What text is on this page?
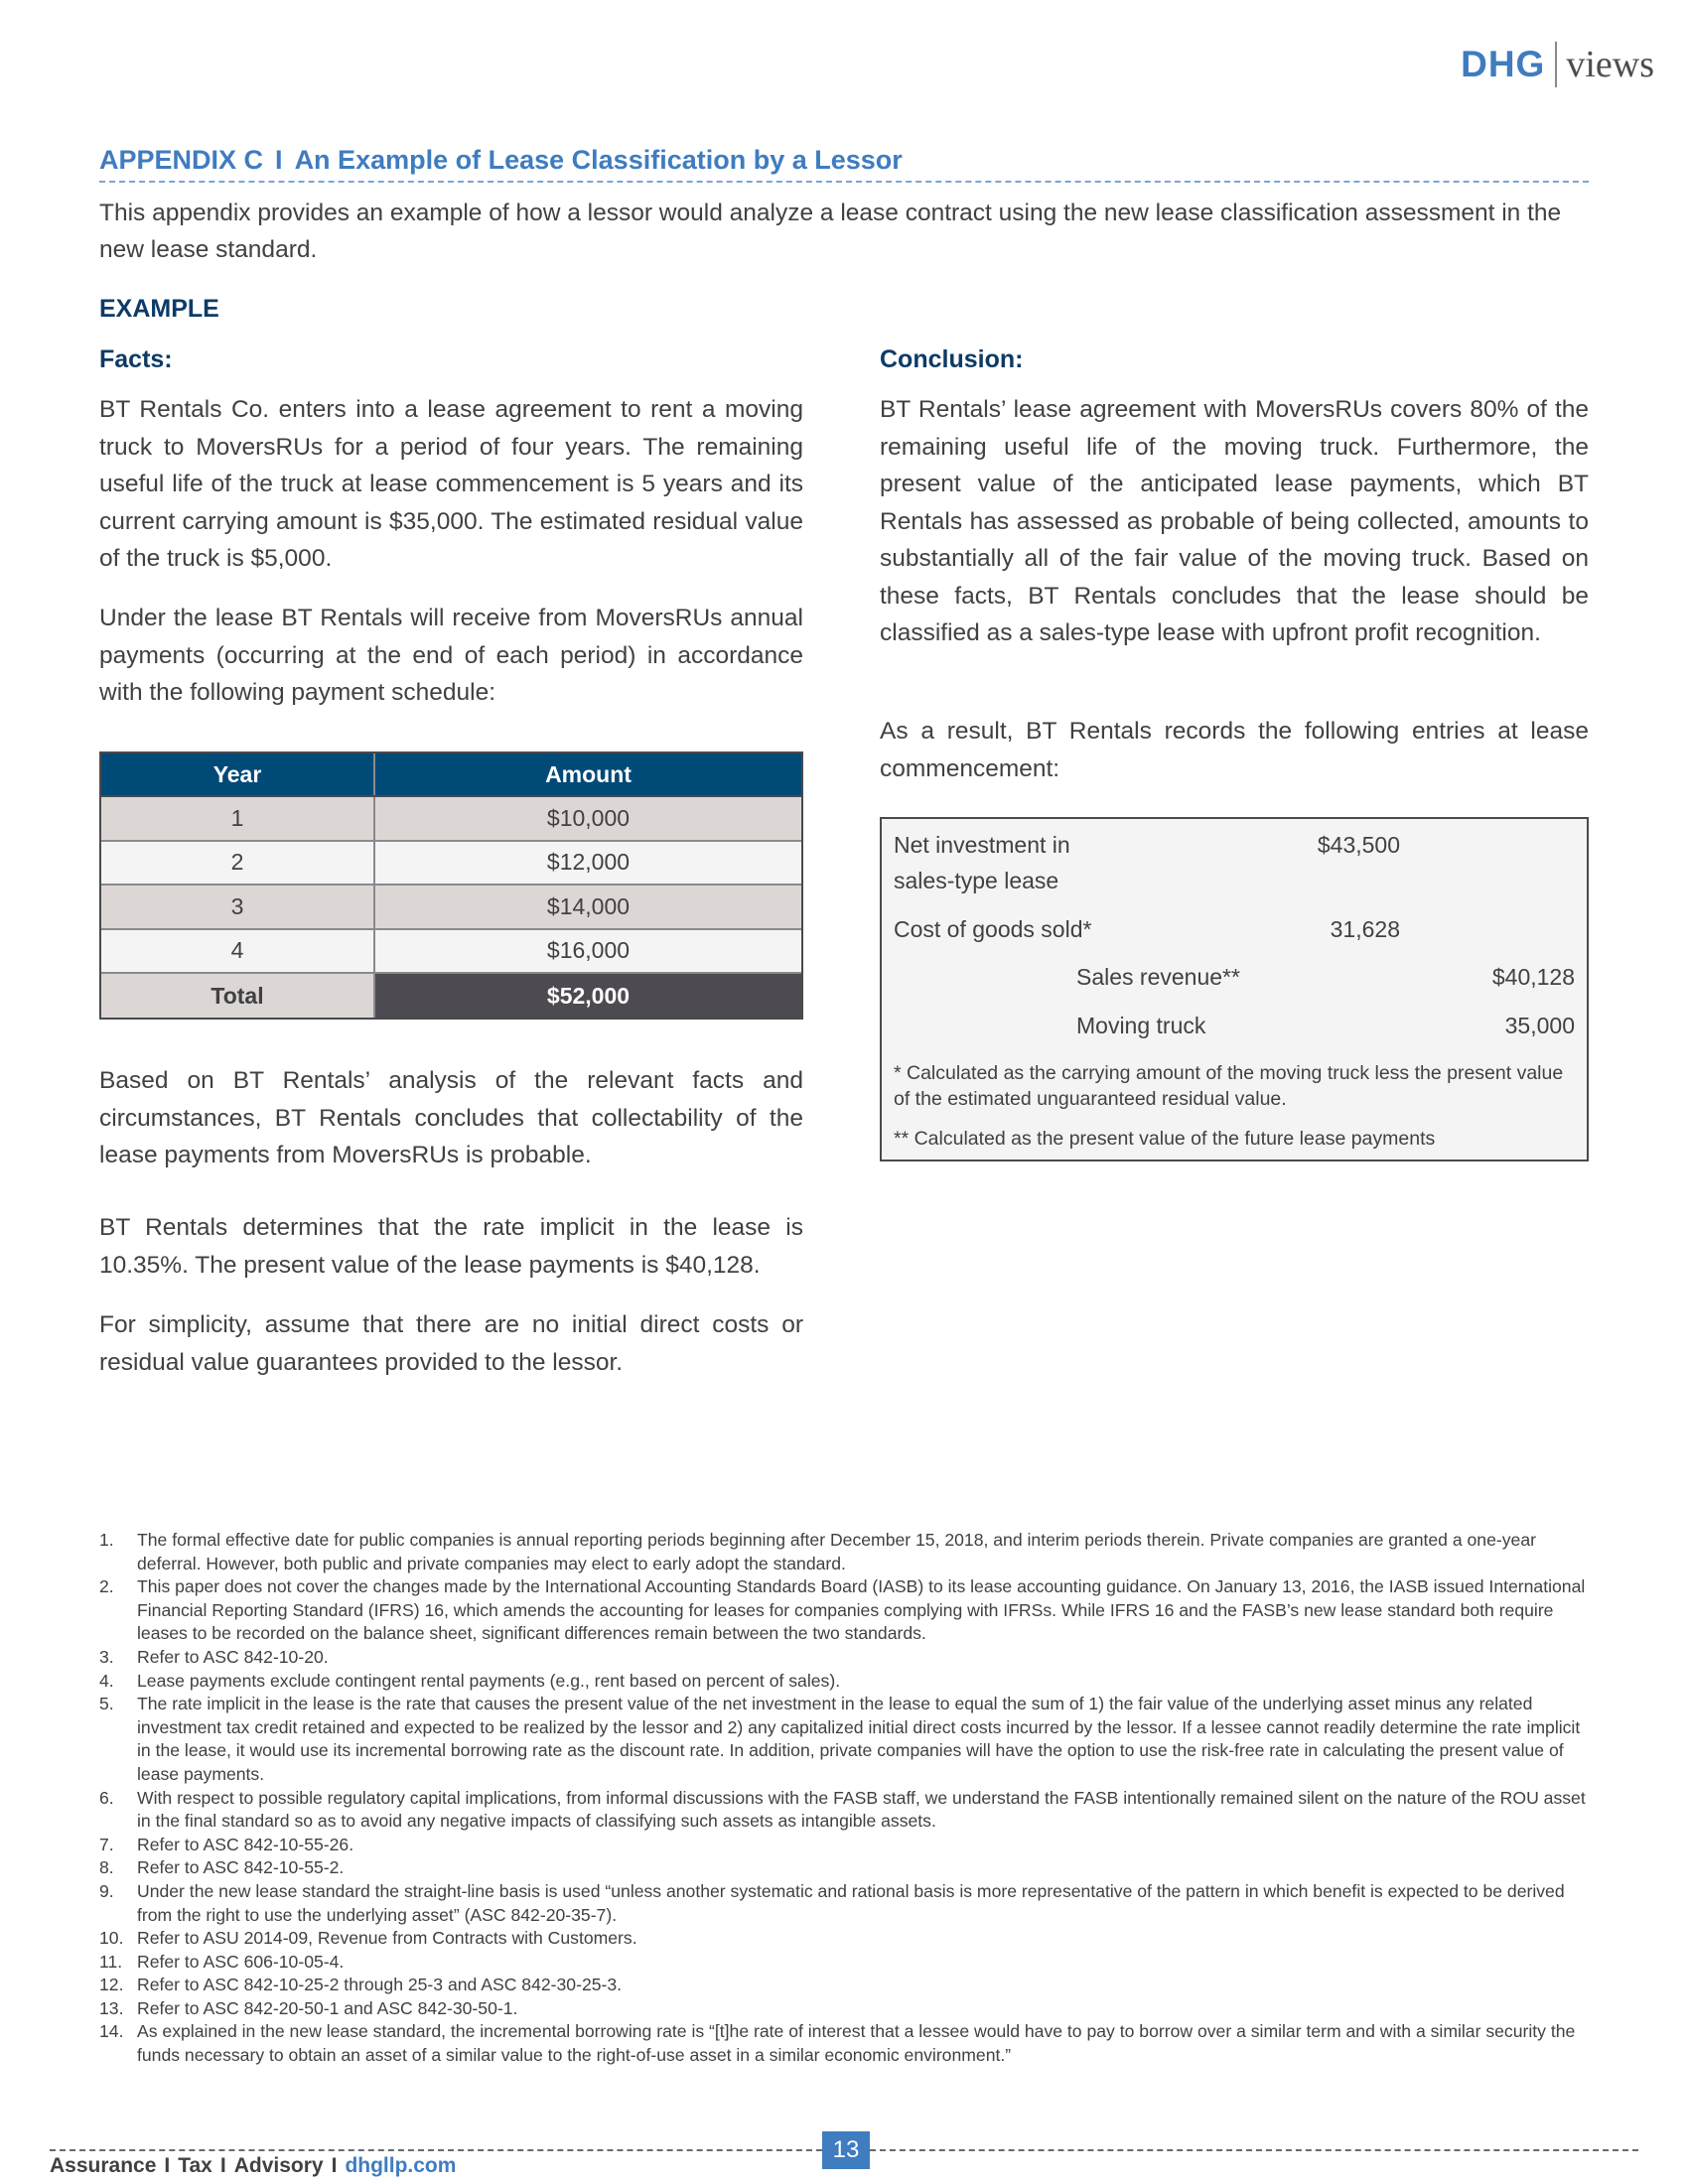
DHG views
APPENDIX C I An Example of Lease Classification by a Lessor

This appendix provides an example of how a lessor would analyze a lease contract using the new lease classification assessment in the new lease standard.

EXAMPLE
Facts:

BT Rentals Co. enters into a lease agreement to rent a moving truck to MoversRUs for a period of four years. The remaining useful life of the truck at lease commencement is 5 years and its current carrying amount is $35,000. The estimated residual value of the truck is $5,000.

Under the lease BT Rentals will receive from MoversRUs annual payments (occurring at the end of each period) in accordance with the following payment schedule:

Year	Amount
1	$10,000
2	$12,000
3	$14,000
4	$16,000
Total	$52,000

Based on BT Rentals’ analysis of the relevant facts and circumstances, BT Rentals concludes that collectability of the lease payments from MoversRUs is probable.

BT Rentals determines that the rate implicit in the lease is 10.35%. The present value of the lease payments is $40,128.

For simplicity, assume that there are no initial direct costs or residual value guarantees provided to the lessor.

Conclusion:

BT Rentals’ lease agreement with MoversRUs covers 80% of the remaining useful life of the moving truck. Furthermore, the present value of the anticipated lease payments, which BT Rentals has assessed as probable of being collected, amounts to substantially all of the fair value of the moving truck. Based on these facts, BT Rentals concludes that the lease should be classified as a sales-type lease with upfront profit recognition.

As a result, BT Rentals records the following entries at lease commencement:

Net investment in
sales-type lease
$43,500
Cost of goods sold*	31,628
Sales revenue**	$40,128
Moving truck	35,000

* Calculated as the carrying amount of the moving truck less the present value of the estimated unguaranteed residual value.

** Calculated as the present value of the future lease payments

1. The formal effective date for public companies is annual reporting periods beginning after December 15, 2018, and interim periods therein. Private companies are granted a one-year deferral. However, both public and private companies may elect to early adopt the standard.
2. This paper does not cover the changes made by the International Accounting Standards Board (IASB) to its lease accounting guidance. On January 13, 2016, the IASB issued International Financial Reporting Standard (IFRS) 16, which amends the accounting for leases for companies complying with IFRSs. While IFRS 16 and the FASB’s new lease standard both require leases to be recorded on the balance sheet, significant differences remain between the two standards.
3. Refer to ASC 842-10-20.
4. Lease payments exclude contingent rental payments (e.g., rent based on percent of sales).
5. The rate implicit in the lease is the rate that causes the present value of the net investment in the lease to equal the sum of 1) the fair value of the underlying asset minus any related investment tax credit retained and expected to be realized by the lessor and 2) any capitalized initial direct costs incurred by the lessor. If a lessee cannot readily determine the rate implicit in the lease, it would use its incremental borrowing rate as the discount rate. In addition, private companies will have the option to use the risk-free rate in calculating the present value of lease payments.
6. With respect to possible regulatory capital implications, from informal discussions with the FASB staff, we understand the FASB intentionally remained silent on the nature of the ROU asset in the final standard so as to avoid any negative impacts of classifying such assets as intangible assets.
7. Refer to ASC 842-10-55-26.
8. Refer to ASC 842-10-55-2.
9. Under the new lease standard the straight-line basis is used “unless another systematic and rational basis is more representative of the pattern in which benefit is expected to be derived from the right to use the underlying asset” (ASC 842-20-35-7).
10. Refer to ASU 2014-09, Revenue from Contracts with Customers.
11. Refer to ASC 606-10-05-4.
12. Refer to ASC 842-10-25-2 through 25-3 and ASC 842-30-25-3.
13. Refer to ASC 842-20-50-1 and ASC 842-30-50-1.
14. As explained in the new lease standard, the incremental borrowing rate is “[t]he rate of interest that a lessee would have to pay to borrow over a similar term and with a similar security the funds necessary to obtain an asset of a similar value to the right-of-use asset in a similar economic environment.”
13
Assurance I Tax I Advisory I dhgllp.com
